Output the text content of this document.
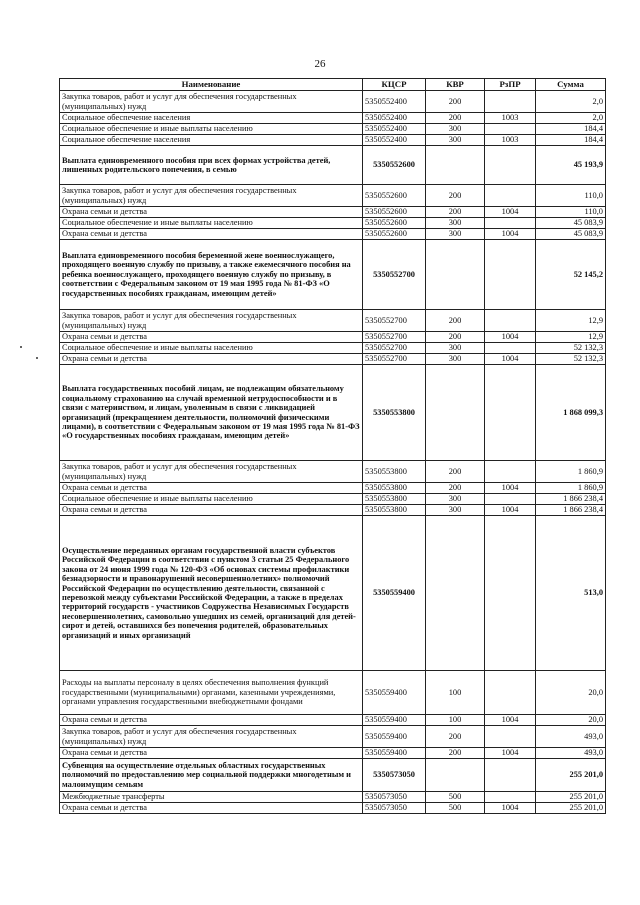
26
Наименование	КЦСР	КВР	РзПР	Сумма
Закупка товаров, работ и услуг для обеспечения государственных (муниципальных) нужд	5350552400	200		2,0
Социальное обеспечение населения	5350552400	200	1003	2,0
Социальное обеспечение и иные выплаты населению	5350552400	300		184,4
Социальное обеспечение населения	5350552400	300	1003	184,4
Выплата единовременного пособия при всех формах устройства детей, лишенных родительского попечения, в семью	5350552600			45 193,9
Закупка товаров, работ и услуг для обеспечения государственных (муниципальных) нужд	5350552600	200		110,0
Охрана семьи и детства	5350552600	200	1004	110,0
Социальное обеспечение и иные выплаты населению	5350552600	300		45 083,9
Охрана семьи и детства	5350552600	300	1004	45 083,9
Выплата единовременного пособия беременной жене военнослужащего, проходящего военную службу по призыву, а также ежемесячного пособия на ребенка военнослужащего, проходящего военную службу по призыву, в соответствии с Федеральным законом от 19 мая 1995 года № 81-ФЗ «О государственных пособиях гражданам, имеющим детей»	5350552700			52 145,2
Закупка товаров, работ и услуг для обеспечения государственных (муниципальных) нужд	5350552700	200		12,9
Охрана семьи и детства	5350552700	200	1004	12,9
Социальное обеспечение и иные выплаты населению	5350552700	300		52 132,3
Охрана семьи и детства	5350552700	300	1004	52 132,3
Выплата государственных пособий лицам, не подлежащим обязательному социальному страхованию на случай временной нетрудоспособности и в связи с материнством, и лицам, уволенным в связи с ликвидацией организаций (прекращением деятельности, полномочий физическими лицами), в соответствии с Федеральным законом от 19 мая 1995 года № 81-ФЗ «О государственных пособиях гражданам, имеющим детей»	5350553800			1 868 099,3
Закупка товаров, работ и услуг для обеспечения государственных (муниципальных) нужд	5350553800	200		1 860,9
Охрана семьи и детства	5350553800	200	1004	1 860,9
Социальное обеспечение и иные выплаты населению	5350553800	300		1 866 238,4
Охрана семьи и детства	5350553800	300	1004	1 866 238,4
Осуществление переданных органам государственной власти субъектов Российской Федерации в соответствии с пунктом 3 статьи 25 Федерального закона от 24 июня 1999 года № 120-ФЗ «Об основах системы профилактики безнадзорности и правонарушений несовершеннолетних» полномочий Российской Федерации по осуществлению деятельности, связанной с перевозкой между субъектами Российской Федерации, а также в пределах территорий государств - участников Содружества Независимых Государств несовершеннолетних, самовольно ушедших из семей, организаций для детей-сирот и детей, оставшихся без попечения родителей, образовательных организаций и иных организаций	5350559400			513,0
Расходы на выплаты персоналу в целях обеспечения выполнения функций государственными (муниципальными) органами, казенными учреждениями, органами управления государственными внебюджетными фондами	5350559400	100		20,0
Охрана семьи и детства	5350559400	100	1004	20,0
Закупка товаров, работ и услуг для обеспечения государственных (муниципальных) нужд	5350559400	200		493,0
Охрана семьи и детства	5350559400	200	1004	493,0
Субвенция на осуществление отдельных областных государственных полномочий по предоставлению мер социальной поддержки многодетным и малоимущим семьям	5350573050			255 201,0
Межбюджетные трансферты	5350573050	500		255 201,0
Охрана семьи и детства	5350573050	500	1004	255 201,0
